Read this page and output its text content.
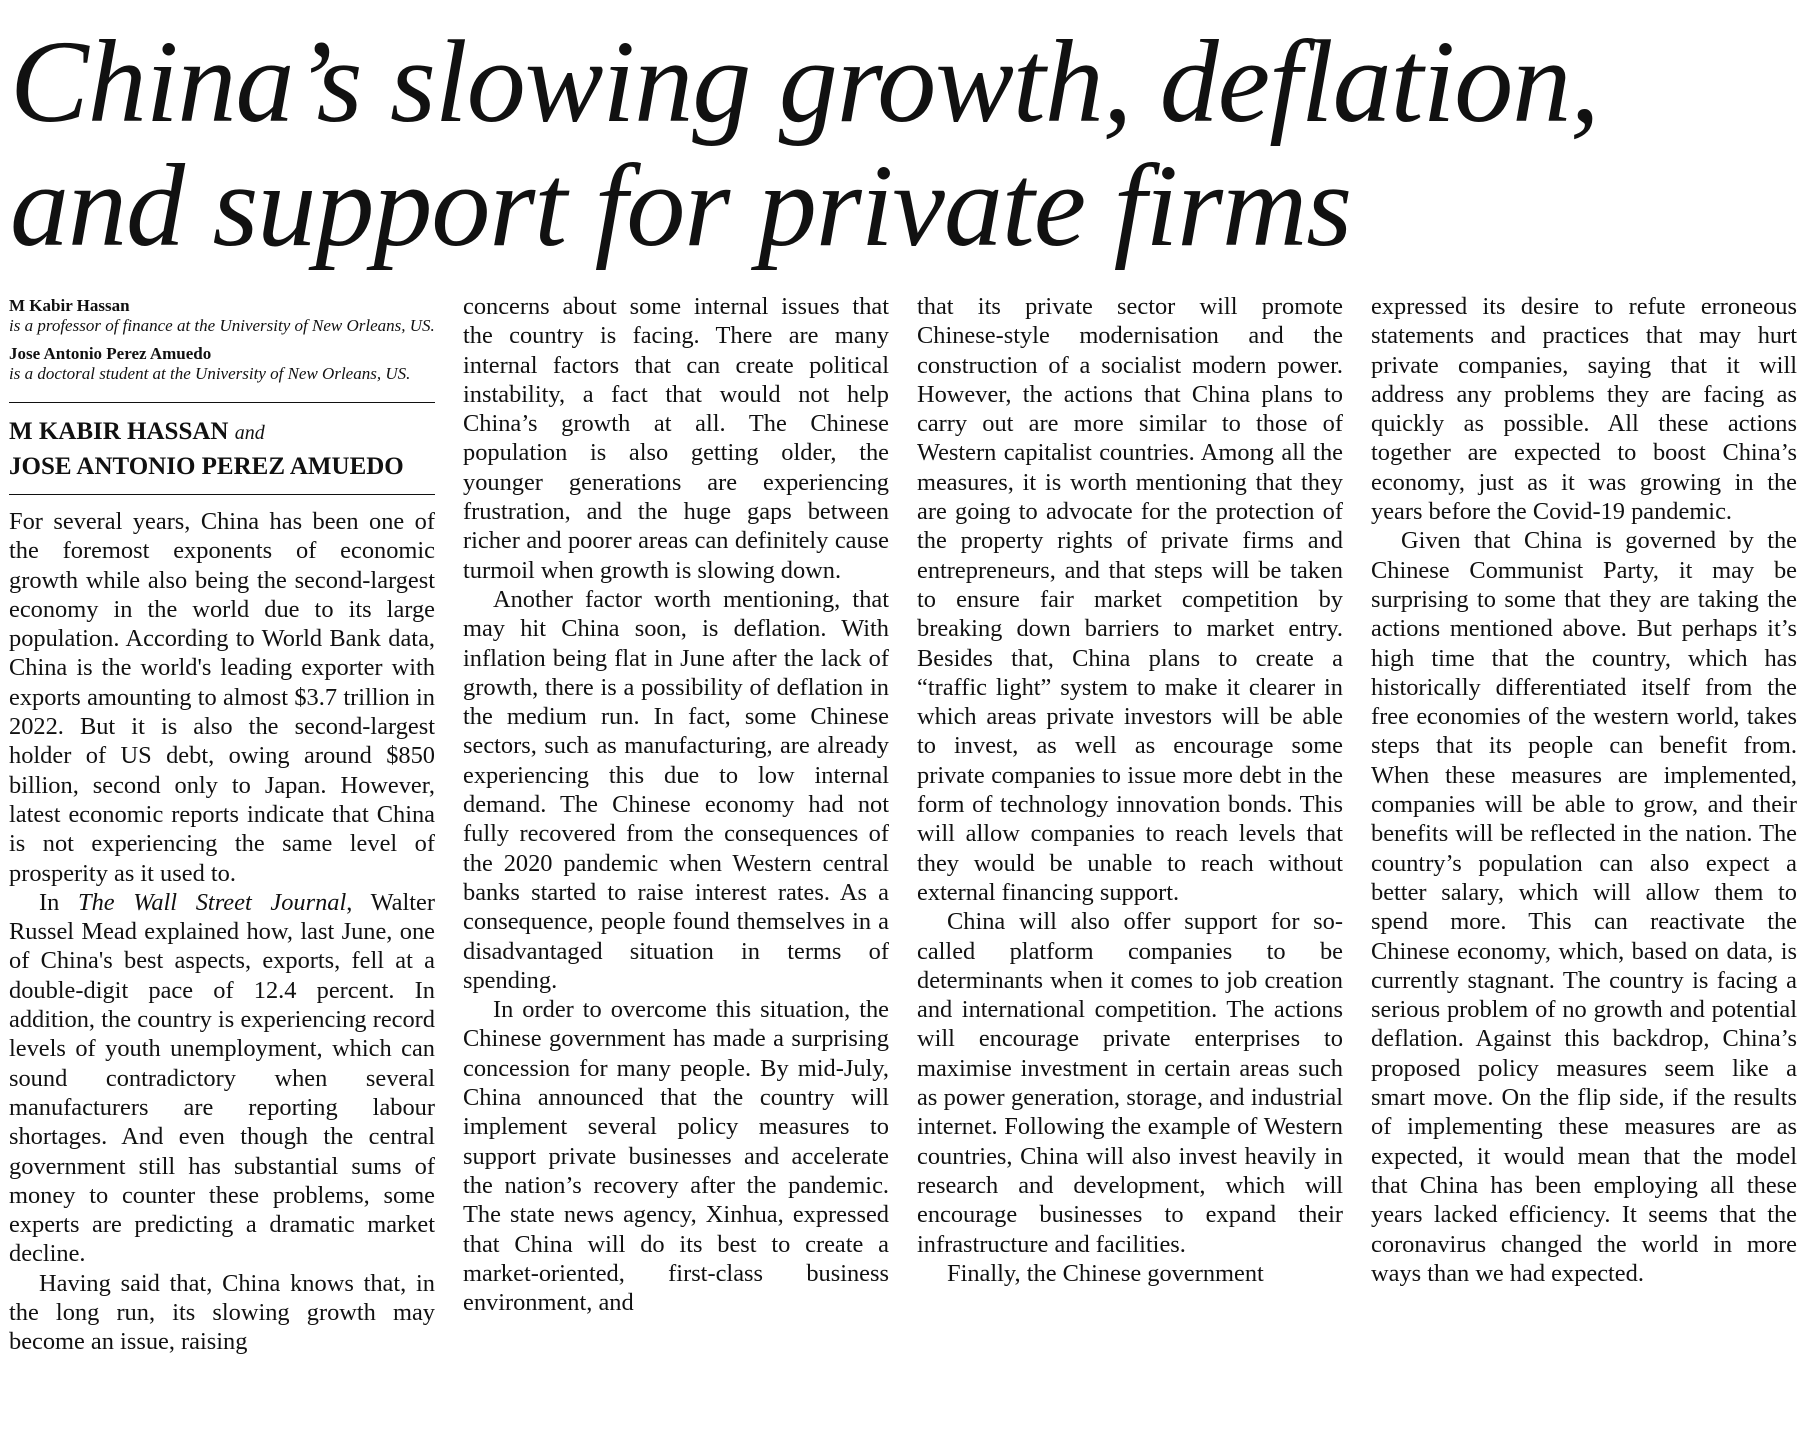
China’s slowing growth, deflation,
and support for private firms
M Kabir Hassan
is a professor of finance at the University of New Orleans, US.
Jose Antonio Perez Amuedo
is a doctoral student at the University of New Orleans, US.
M KABIR HASSAN and
JOSE ANTONIO PEREZ AMUEDO

For several years, China has been one of the foremost exponents of economic growth while also being the second-largest economy in the world due to its large population. According to World Bank data, China is the world's leading exporter with exports amounting to almost $3.7 trillion in 2022. But it is also the second-largest holder of US debt, owing around $850 billion, second only to Japan. However, latest economic reports indicate that China is not experiencing the same level of prosperity as it used to.

In The Wall Street Journal, Walter Russel Mead explained how, last June, one of China's best aspects, exports, fell at a double-digit pace of 12.4 percent. In addition, the country is experiencing record levels of youth unemployment, which can sound contradictory when several manufacturers are reporting labour shortages. And even though the central government still has substantial sums of money to counter these problems, some experts are predicting a dramatic market decline.

Having said that, China knows that, in the long run, its slowing growth may become an issue, raising

concerns about some internal issues that the country is facing. There are many internal factors that can create political instability, a fact that would not help China’s growth at all. The Chinese population is also getting older, the younger generations are experiencing frustration, and the huge gaps between richer and poorer areas can definitely cause turmoil when growth is slowing down.

Another factor worth mentioning, that may hit China soon, is deflation. With inflation being flat in June after the lack of growth, there is a possibility of deflation in the medium run. In fact, some Chinese sectors, such as manufacturing, are already experiencing this due to low internal demand. The Chinese economy had not fully recovered from the consequences of the 2020 pandemic when Western central banks started to raise interest rates. As a consequence, people found themselves in a disadvantaged situation in terms of spending.

In order to overcome this situation, the Chinese government has made a surprising concession for many people. By mid-July, China announced that the country will implement several policy measures to support private businesses and accelerate the nation’s recovery after the pandemic. The state news agency, Xinhua, expressed that China will do its best to create a market-oriented, first-class business environment, and

that its private sector will promote Chinese-style modernisation and the construction of a socialist modern power. However, the actions that China plans to carry out are more similar to those of Western capitalist countries. Among all the measures, it is worth mentioning that they are going to advocate for the protection of the property rights of private firms and entrepreneurs, and that steps will be taken to ensure fair market competition by breaking down barriers to market entry. Besides that, China plans to create a “traffic light” system to make it clearer in which areas private investors will be able to invest, as well as encourage some private companies to issue more debt in the form of technology innovation bonds. This will allow companies to reach levels that they would be unable to reach without external financing support.

China will also offer support for so-called platform companies to be determinants when it comes to job creation and international competition. The actions will encourage private enterprises to maximise investment in certain areas such as power generation, storage, and industrial internet. Following the example of Western countries, China will also invest heavily in research and development, which will encourage businesses to expand their infrastructure and facilities.

Finally, the Chinese government

expressed its desire to refute erroneous statements and practices that may hurt private companies, saying that it will address any problems they are facing as quickly as possible. All these actions together are expected to boost China’s economy, just as it was growing in the years before the Covid-19 pandemic.

Given that China is governed by the Chinese Communist Party, it may be surprising to some that they are taking the actions mentioned above. But perhaps it’s high time that the country, which has historically differentiated itself from the free economies of the western world, takes steps that its people can benefit from. When these measures are implemented, companies will be able to grow, and their benefits will be reflected in the nation. The country’s population can also expect a better salary, which will allow them to spend more. This can reactivate the Chinese economy, which, based on data, is currently stagnant. The country is facing a serious problem of no growth and potential deflation. Against this backdrop, China’s proposed policy measures seem like a smart move. On the flip side, if the results of implementing these measures are as expected, it would mean that the model that China has been employing all these years lacked efficiency. It seems that the coronavirus changed the world in more ways than we had expected.
